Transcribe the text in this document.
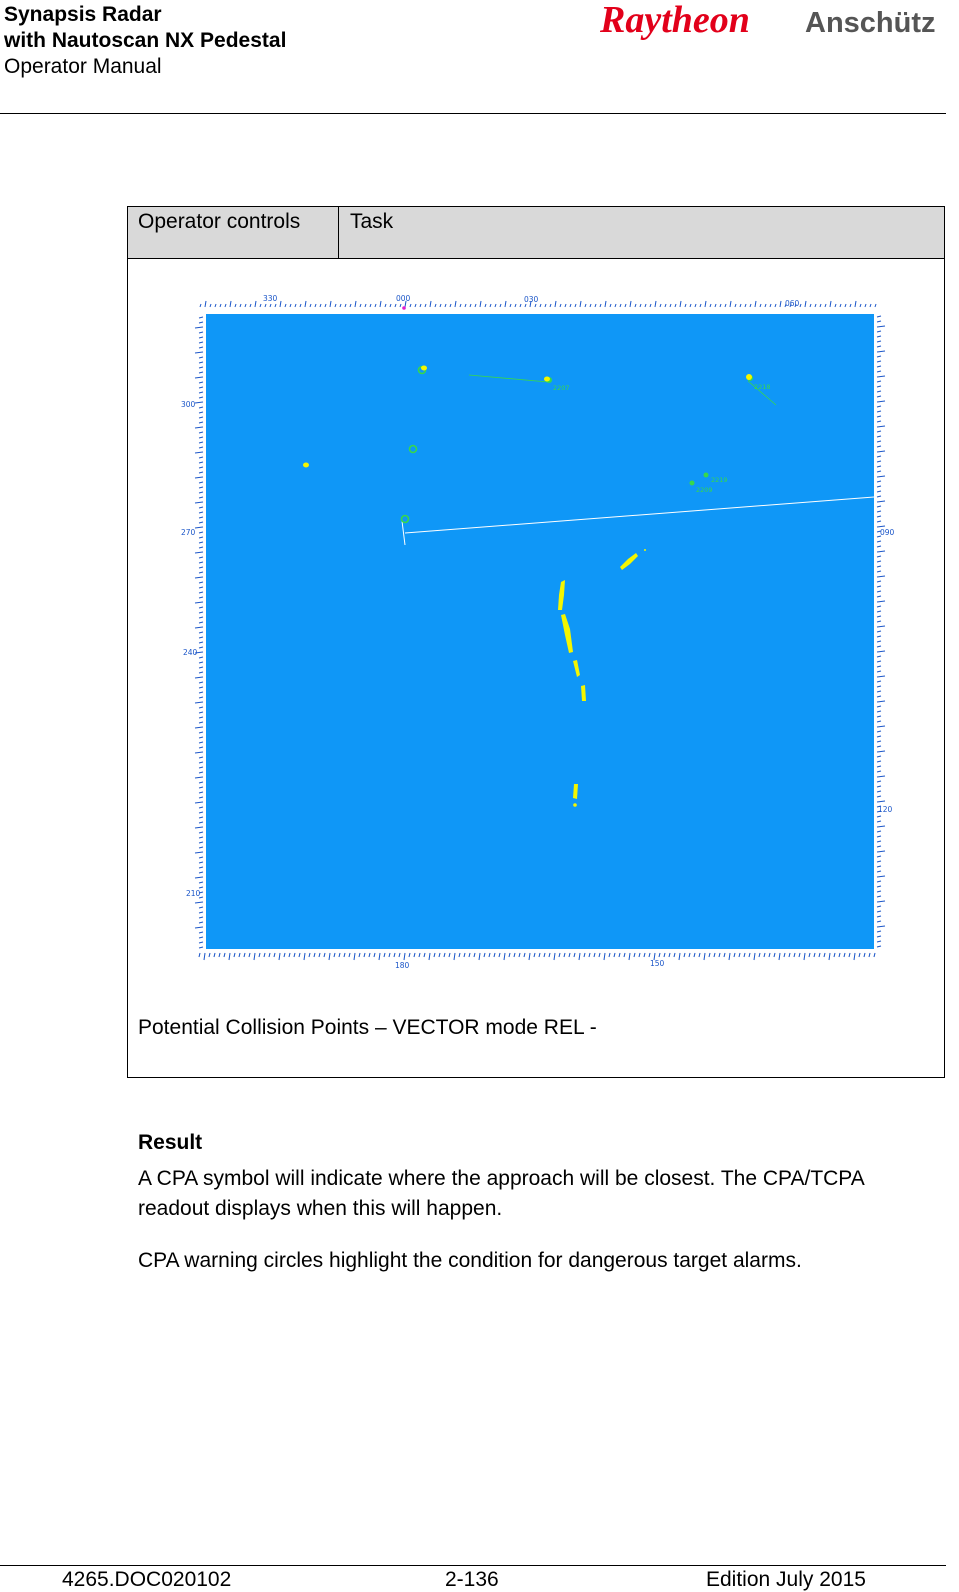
Synapsis Radar
with Nautoscan NX Pedestal
Operator Manual
Raytheon Anschütz
Operator controls Task
330	000	030	060
300
270	090
240
120
210
180	150
2207	2218
2219
2209
Potential Collision Points – VECTOR mode REL -
Result
A CPA symbol will indicate where the approach will be closest. The CPA/TCPA readout displays when this will happen.
CPA warning circles highlight the condition for dangerous target alarms.
4265.DOC020102	2-136	Edition July 2015
